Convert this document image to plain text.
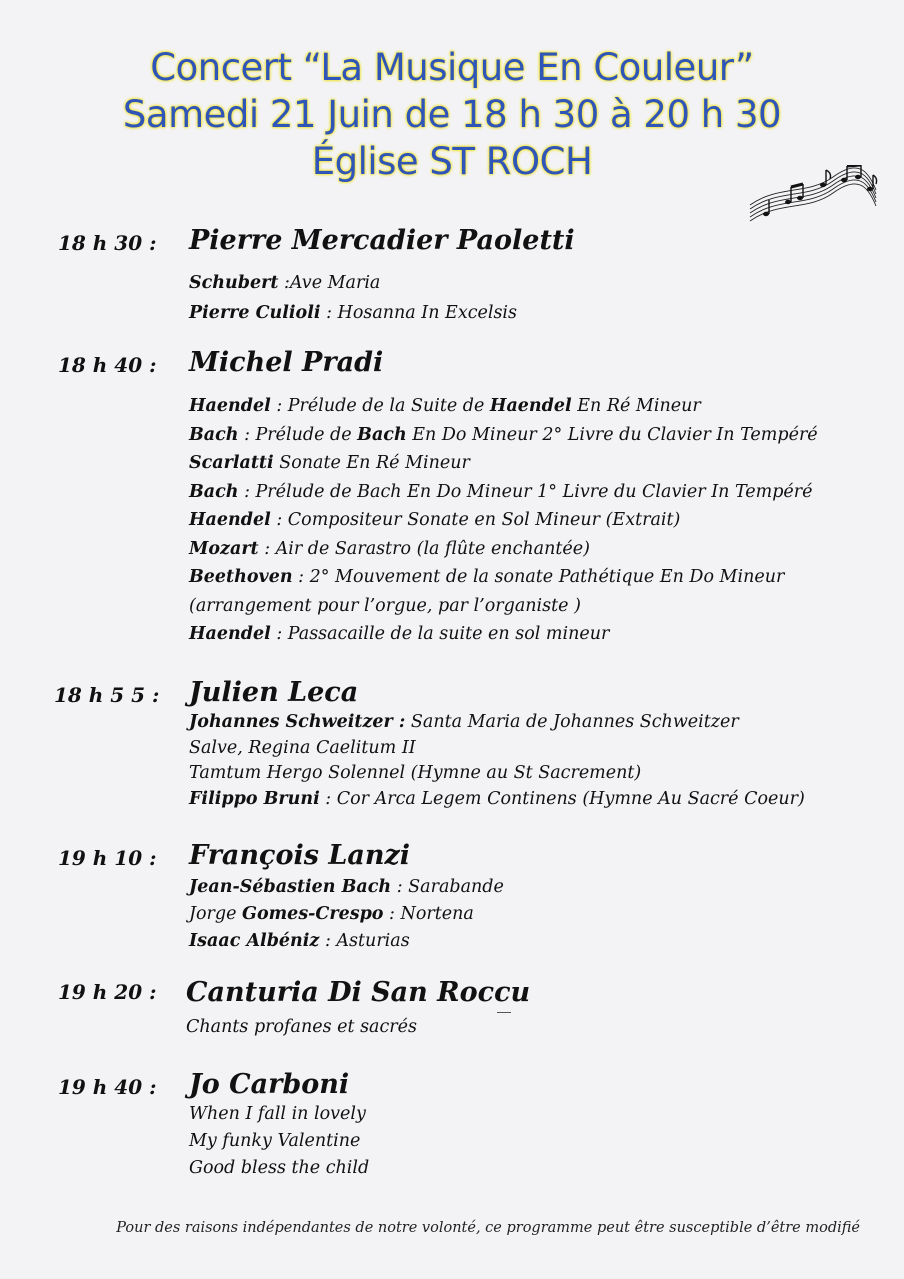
Concert “La Musique En Couleur”
Samedi 21 Juin de 18 h 30 à 20 h 30
Église ST ROCH
18 h 30 :	Pierre Mercadier Paoletti
Schubert :Ave Maria
Pierre Culioli : Hosanna In Excelsis
18 h 40 :	Michel Pradi
Haendel : Prélude de la Suite de Haendel En Ré Mineur
Bach : Prélude de Bach En Do Mineur 2° Livre du Clavier In Tempéré
Scarlatti Sonate En Ré Mineur
Bach : Prélude de Bach En Do Mineur 1° Livre du Clavier In Tempéré
Haendel : Compositeur Sonate en Sol Mineur (Extrait)
Mozart : Air de Sarastro (la flûte enchantée)
Beethoven : 2° Mouvement de la sonate Pathétique En Do Mineur
(arrangement pour l’orgue, par l’organiste )
Haendel : Passacaille de la suite en sol mineur
18 h 5 5 :	Julien Leca
Johannes Schweitzer : Santa Maria de Johannes Schweitzer
Salve, Regina Caelitum II
Tamtum Hergo Solennel (Hymne au St Sacrement)
Filippo Bruni : Cor Arca Legem Continens (Hymne Au Sacré Coeur)
19 h 10 :	François Lanzi
Jean-Sébastien Bach : Sarabande
Jorge Gomes-Crespo : Nortena
Isaac Albéniz : Asturias
19 h 20 :	Canturia Di San Roccu
Chants profanes et sacrés
19 h 40 :	Jo Carboni
When I fall in lovely
My funky Valentine
Good bless the child
Pour des raisons indépendantes de notre volonté, ce programme peut être susceptible d’être modifié
